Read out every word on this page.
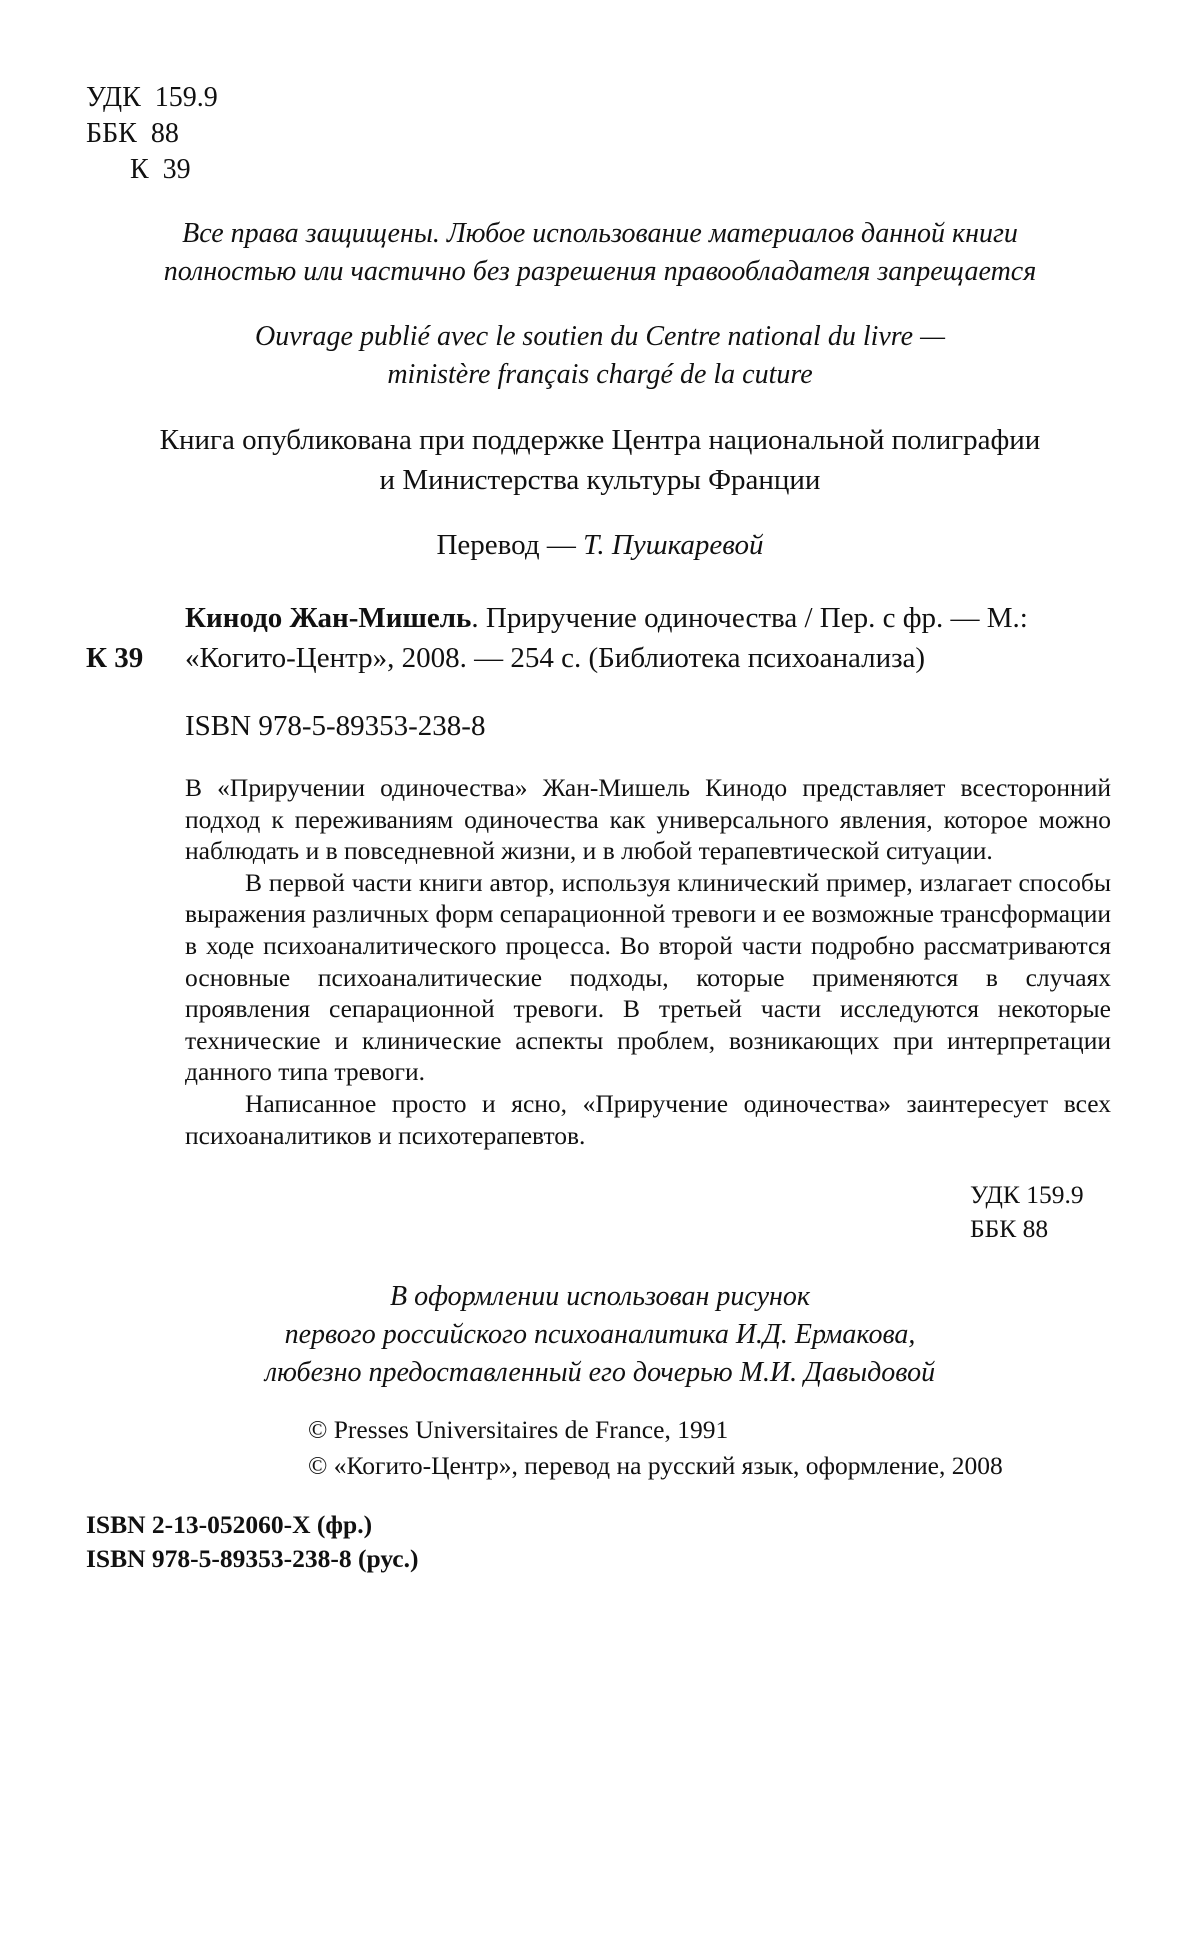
УДК  159.9
ББК  88
К  39
Все права защищены. Любое использование материалов данной книги
полностью или частично без разрешения правообладателя запрещается
Ouvrage publié avec le soutien du Centre national du livre —
ministère français chargé de la cuture
Книга опубликована при поддержке Центра национальной полиграфии
и Министерства культуры Франции
Перевод — Т. Пушкаревой
К 39
Кинодо Жан-Мишель. Приручение одиночества / Пер. с фр. — М.:
«Когито-Центр», 2008. — 254 с. (Библиотека психоанализа)
ISBN 978-5-89353-238-8

В «Приручении одиночества» Жан-Мишель Кинодо представляет всесторонний подход к переживаниям одиночества как универсального явления, которое можно наблюдать и в повседневной жизни, и в любой терапевтической ситуации.

В первой части книги автор, используя клинический пример, излагает способы выражения различных форм сепарационной тревоги и ее возможные трансформации в ходе психоаналитического процесса. Во второй части подробно рассматриваются основные психоаналитические подходы, которые применяются в случаях проявления сепарационной тревоги. В третьей части исследуются некоторые технические и клинические аспекты проблем, возникающих при интерпретации данного типа тревоги.

Написанное просто и ясно, «Приручение одиночества» заинтересует всех психоаналитиков и психотерапевтов.

УДК 159.9
ББК 88
В оформлении использован рисунок
первого российского психоаналитика И.Д. Ермакова,
любезно предоставленный его дочерью М.И. Давыдовой
© Presses Universitaires de France, 1991
© «Когито-Центр», перевод на русский язык, оформление, 2008
ISBN 2-13-052060-X (фр.)
ISBN 978-5-89353-238-8 (рус.)
